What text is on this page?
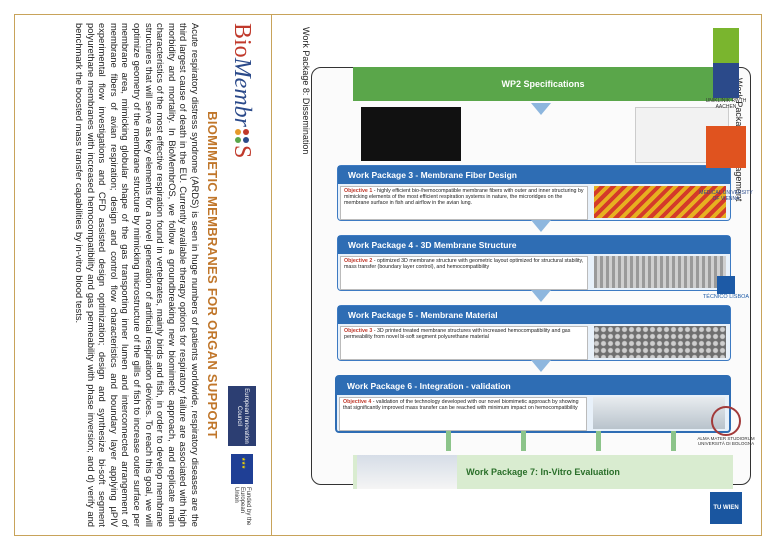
Bio
Membr
S
European Innovation Council
★ ★ ★
Funded by the European Union
BIOMIMETIC MEMBRANES FOR ORGAN SUPPORT
Acute respiratory distress syndrome (ARDS) is seen in huge numbers of patients worldwide, respiratory diseases are the third largest cause of death in the EU. Currently available therapy options for respiratory failure are associated with high morbidity and mortality. In BioMembrOS, we follow a groundbreaking new biomimetic approach, and replicate main characteristics of the most effective respiration found in vertebrates, mainly birds and fish, in order to develop membrane structures that will serve as key elements for a novel generation of artificial respiration devices. To reach this goal, we will optimize geometry of the membrane structure by mimicking microstructure of the gills of fish to increase outer surface per membrane area, mimicking globular shape of the gas transporting inner lumen and interconnected arrangement of membrane fibers of avian respiration; design and control flow characteristics and boundary layer applying µPIV experimental flow investigations and CFD assisted design optimization; design and synthesize bi-soft segment polyurethane membranes with increased hemocompatibility and gas permeability with phase inversion; and d) verify and benchmark the boosted mass transfer capabilities by in-vitro blood tests.	Work Package 8: Dissemination	WP2 Specifications
Work Package 7: In-Vitro Evaluation
Work Package 3 - Membrane Fiber Design
Objective 1 - highly efficient bio-/hemocompatible membrane fibers with outer and inner structuring by mimicking elements of the most efficient respiration systems in nature, the microridges on the membrane surface in fish and airflow in the avian lung.
Work Package 4 - 3D Membrane Structure
Objective 2 - optimized 3D membrane structure with geometric layout optimized for structural stability, mass transfer (boundary layer control), and hemocompatibility
Work Package 5 - Membrane Material
Objective 3 - 3D printed treated membrane structures with increased hemocompatibility and gas permeability from novel bi-soft segment polyurethane material
Work Package 6 - Integration - validation
Objective 4 - validation of the technology developed with our novel biomimetic approach by showing that significantly improved mass transfer can be reached with minimum impact on hemocompatibility
UNIKLINIK RWTH AACHEN
MEDICAL UNIVERSITY OF VIENNA
TÉCNICO LISBOA
ALMA MATER STUDIORUM UNIVERSITÀ DI BOLOGNA
TU WIEN
